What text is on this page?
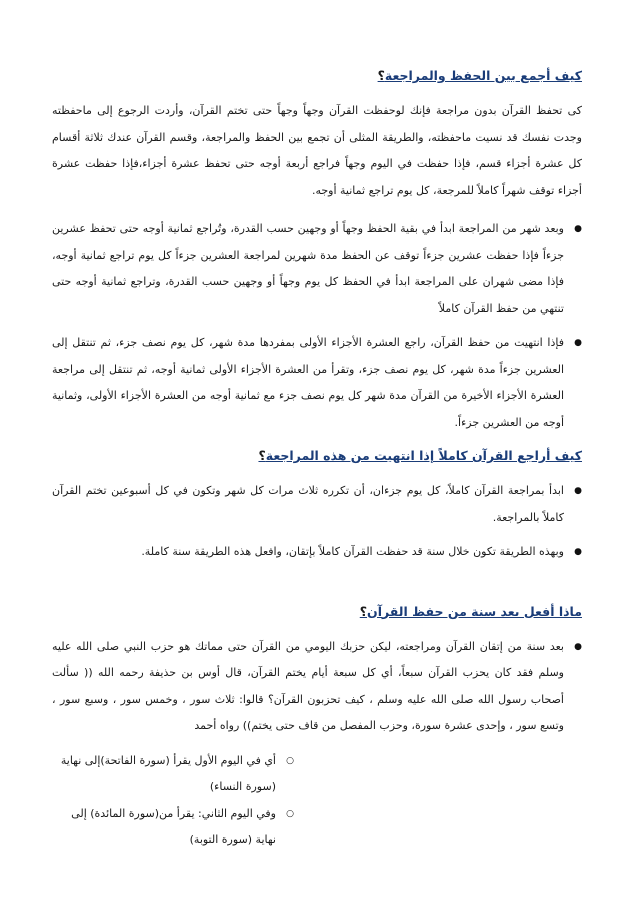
كيف أجمع بين الحفظ والمراجعة؟

كى تحفظ القرآن بدون مراجعة فإنك لوحفظت القرآن وجهاً وجهاً حتى تختم القرآن، وأردت الرجوع إلى ماحفظته وجدت نفسك قد نسيت ماحفظته، والطريقة المثلى أن تجمع بين الحفظ والمراجعة، وقسم القرآن عندك ثلاثة أقسام كل عشرة أجزاء قسم، فإذا حفظت في اليوم وجهاً فراجع أربعة أوجه حتى تحفظ عشرة أجزاء،فإذا حفظت عشرة أجزاء توقف شهراً كاملاً للمرجعة، كل يوم تراجع ثمانية أوجه.

● وبعد شهر من المراجعة ابدأ في بقية الحفظ وجهاً أو وجهين حسب القدرة، وتُراجع ثمانية أوجه حتى تحفظ عشرين جزءاً فإذا حفظت عشرين جزءاً توقف عن الحفظ مدة شهرين لمراجعة العشرين جزءاً كل يوم تراجع ثمانية أوجه، فإذا مضى شهران على المراجعة ابدأ في الحفظ كل يوم وجهاً أو وجهين حسب القدرة، وتراجع ثمانية أوجه حتى تنتهي من حفظ القرآن كاملاً
● فإذا انتهيت من حفظ القرآن، راجع العشرة الأجزاء الأولى بمفردها مدة شهر، كل يوم نصف جزء، ثم تنتقل إلى العشرين جزءاً مدة شهر، كل يوم نصف جزء، وتقرأ من العشرة الأجزاء الأولى ثمانية أوجه، ثم تنتقل إلى مراجعة العشرة الأجزاء الأخيرة من القرآن مدة شهر كل يوم نصف جزء مع ثمانية أوجه من العشرة الأجزاء الأولى، وثمانية أوجه من العشرين جزءاً.
كيف أراجع القرآن كاملاً إذا انتهيت من هذه المراجعة؟
● ابدأ بمراجعة القرآن كاملاً، كل يوم جزءان، أن تكرره ثلاث مرات كل شهر وتكون في كل أسبوعين تختم القرآن كاملاً بالمراجعة.
● وبهذه الطريقة تكون خلال سنة قد حفظت القرآن كاملاً بإتقان، وافعل هذه الطريقة سنة كاملة.
ماذا أفعل بعد سنة من حفظ القرآن؟
● بعد سنة من إتقان القرآن ومراجعته، ليكن حزبك اليومي من القرآن حتى مماتك هو حزب النبي صلى الله عليه وسلم فقد كان يحزب القرآن سبعاً، أي كل سبعة أيام يختم القرآن، قال أوس بن حذيفة رحمه الله (( سألت أصحاب رسول الله صلى الله عليه وسلم ، كيف تحزبون القرآن؟ قالوا: ثلاث سور ، وخمس سور ، وسبع سور ، وتسع سور ، وإحدى عشرة سورة، وحزب المفصل من قاف حتى يختم)) رواه أحمد
○ أي في اليوم الأول يقرأ (سورة الفاتحة)إلى نهاية (سورة النساء)
○ وفي اليوم الثاني: يقرأ من(سورة المائدة) إلى نهاية (سورة التوبة)
